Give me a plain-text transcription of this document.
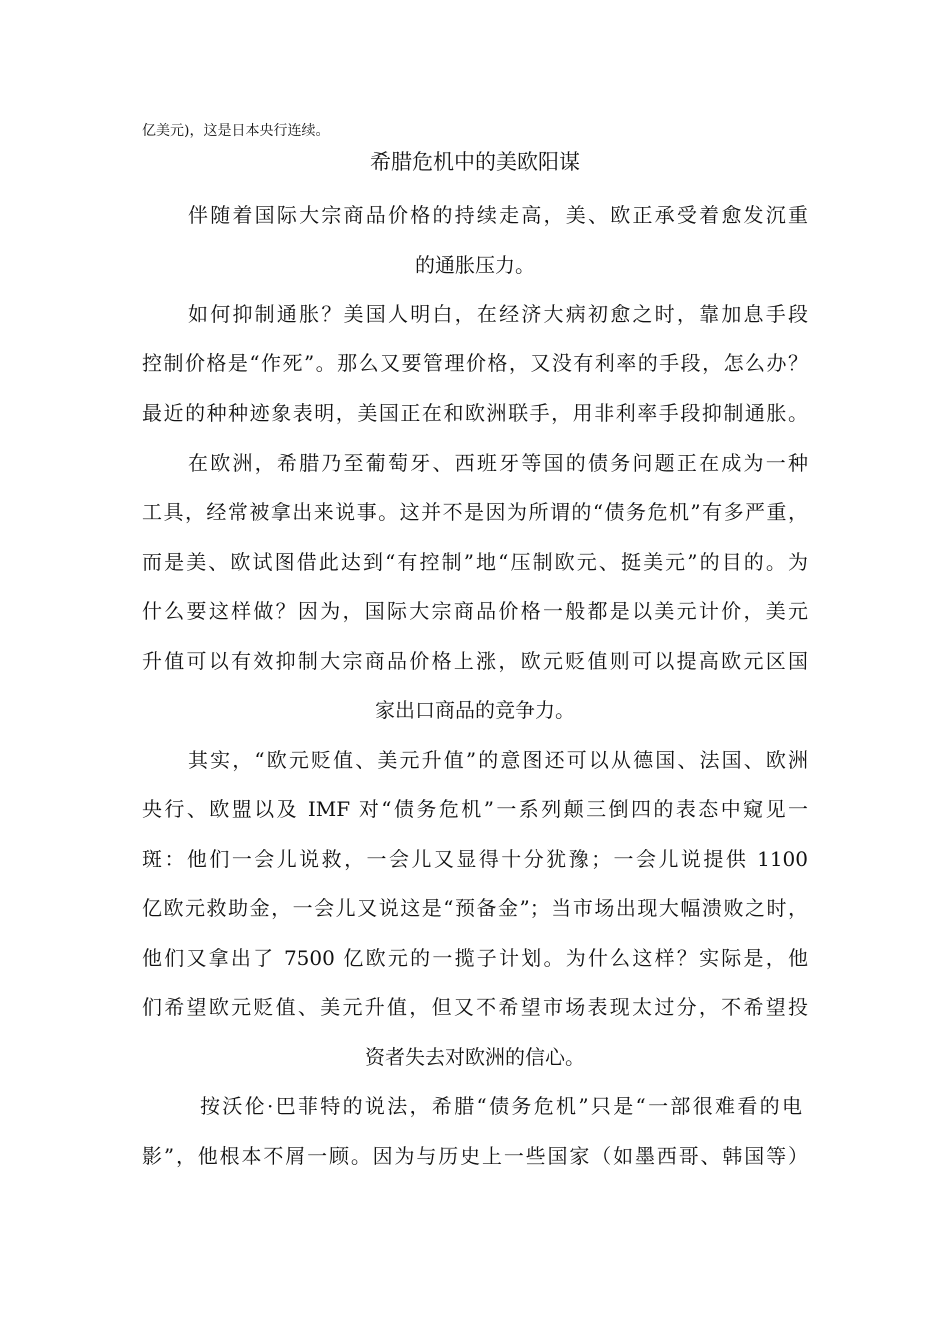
亿美元)，这是日本央行连续。
希腊危机中的美欧阳谋
伴随着国际大宗商品价格的持续走高，美、欧正承受着愈发沉重
的通胀压力。
如何抑制通胀？美国人明白，在经济大病初愈之时，靠加息手段
控制价格是“作死”。那么又要管理价格，又没有利率的手段，怎么办？
最近的种种迹象表明，美国正在和欧洲联手，用非利率手段抑制通胀。
在欧洲，希腊乃至葡萄牙、西班牙等国的债务问题正在成为一种
工具，经常被拿出来说事。这并不是因为所谓的“债务危机”有多严重，
而是美、欧试图借此达到“有控制”地“压制欧元、挺美元”的目的。为
什么要这样做？因为，国际大宗商品价格一般都是以美元计价，美元
升值可以有效抑制大宗商品价格上涨，欧元贬值则可以提高欧元区国
家出口商品的竞争力。
其实，“欧元贬值、美元升值”的意图还可以从德国、法国、欧洲
央行、欧盟以及 IMF 对“债务危机”一系列颠三倒四的表态中窥见一
斑：他们一会儿说救，一会儿又显得十分犹豫；一会儿说提供 1100
亿欧元救助金，一会儿又说这是“预备金”；当市场出现大幅溃败之时，
他们又拿出了 7500 亿欧元的一揽子计划。为什么这样？实际是，他
们希望欧元贬值、美元升值，但又不希望市场表现太过分，不希望投
资者失去对欧洲的信心。
按沃伦·巴菲特的说法，希腊“债务危机”只是“一部很难看的电
影”，他根本不屑一顾。因为与历史上一些国家（如墨西哥、韩国等）
